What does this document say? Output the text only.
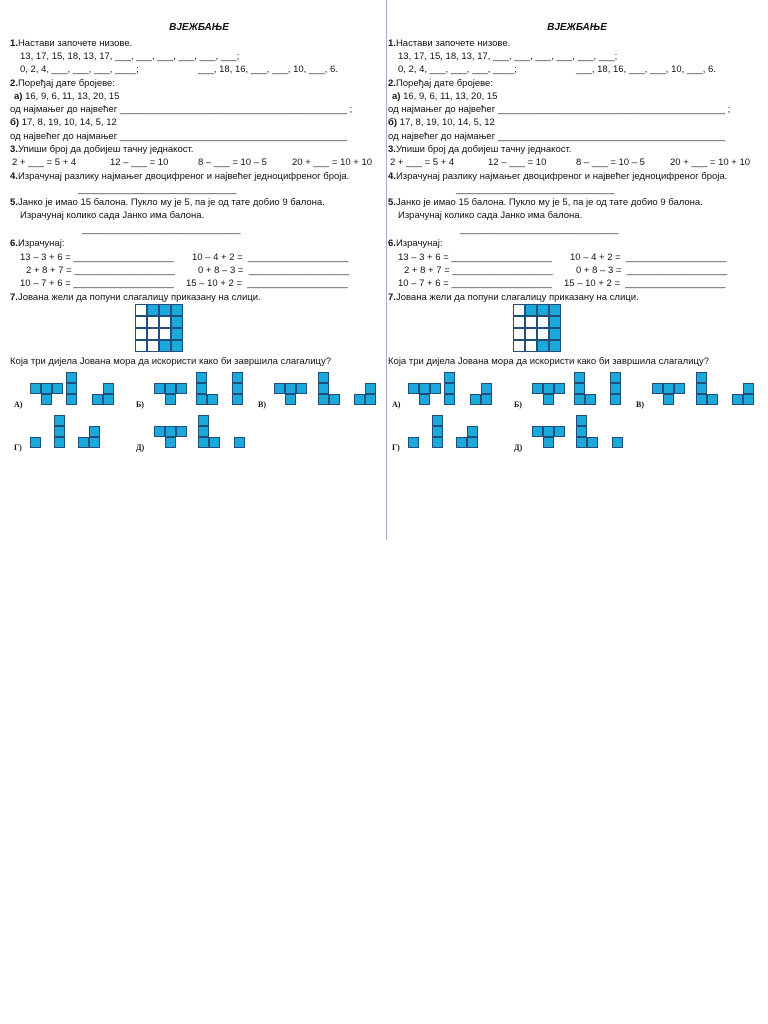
ВЈЕЖБАЊЕ
1.Настави започете низове.
13, 17, 15, 18, 13, 17, ___, ___, ___, ___, ___, ___;
0, 2, 4, ___, ___, ___, ____;	___, 18, 16, ___, ___, 10, ___, 6.
2.Поређај дате бројеве:
а) 16, 9, 6, 11, 13, 20, 15
од најмањег до највећег ___________________________________________ ;
б) 17, 8, 19, 10, 14, 5, 12
од највећег до најмањег ___________________________________________
3.Упиши број да добијеш тачну једнакост.
2 + ___ = 5 + 4	12 – ___ = 10	8 – ___ = 10 – 5	20 + ___ = 10 + 10
4.Израчунај разлику најмањег двоцифреног и највећег једноцифреног броја.
______________________________
5.Јанко је имао 15 балона. Пукло му је 5, па је од тате добио 9 балона.
Израчунај колико сада Јанко има балона.
______________________________
6.Израчунај:
13 – 3 + 6 = ___________________ 10 – 4 + 2 =  ___________________
2 + 8 + 7 = ___________________ 0 + 8 – 3 =  ___________________
10 – 7 + 6 = ___________________ 15 – 10 + 2 =  ___________________
7.Јована жели да попуни слагалицу приказану на слици.
Која три дијела Јована мора да искористи како би завршила слагалицу?
А)	Б)	В)
Г)	Д)
ВЈЕЖБАЊЕ
1.Настави започете низове.
13, 17, 15, 18, 13, 17, ___, ___, ___, ___, ___, ___;
0, 2, 4, ___, ___, ___, ____;	___, 18, 16, ___, ___, 10, ___, 6.
2.Поређај дате бројеве:
а) 16, 9, 6, 11, 13, 20, 15
од најмањег до највећег ___________________________________________ ;
б) 17, 8, 19, 10, 14, 5, 12
од највећег до најмањег ___________________________________________
3.Упиши број да добијеш тачну једнакост.
2 + ___ = 5 + 4	12 – ___ = 10	8 – ___ = 10 – 5	20 + ___ = 10 + 10
4.Израчунај разлику најмањег двоцифреног и највећег једноцифреног броја.
______________________________
5.Јанко је имао 15 балона. Пукло му је 5, па је од тате добио 9 балона.
Израчунај колико сада Јанко има балона.
______________________________
6.Израчунај:
13 – 3 + 6 = ___________________ 10 – 4 + 2 =  ___________________
2 + 8 + 7 = ___________________ 0 + 8 – 3 =  ___________________
10 – 7 + 6 = ___________________ 15 – 10 + 2 =  ___________________
7.Јована жели да попуни слагалицу приказану на слици.
Која три дијела Јована мора да искористи како би завршила слагалицу?
А)	Б)	В)
Г)	Д)
